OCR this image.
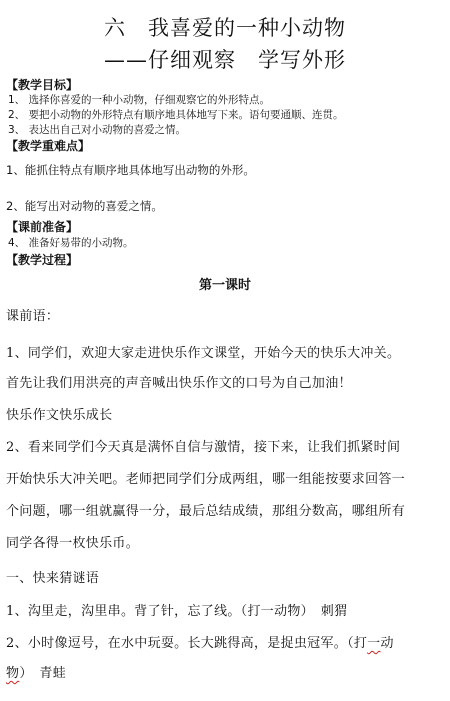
六　我喜爱的一种小动物
——仔细观察　学写外形
【教学目标】
1、 选择你喜爱的一种小动物，仔细观察它的外形特点。
2、 要把小动物的外形特点有顺序地具体地写下来。语句要通顺、连贯。
3、 表达出自己对小动物的喜爱之情。
【教学重难点】
1、能抓住特点有顺序地具体地写出动物的外形。
2、能写出对动物的喜爱之情。
【课前准备】
4、 准备好易带的小动物。
【教学过程】
第一课时
课前语：
1、同学们，欢迎大家走进快乐作文课堂，开始今天的快乐大冲关。
首先让我们用洪亮的声音喊出快乐作文的口号为自己加油！
快乐作文快乐成长
2、看来同学们今天真是满怀自信与激情，接下来，让我们抓紧时间
开始快乐大冲关吧。老师把同学们分成两组，哪一组能按要求回答一
个问题，哪一组就赢得一分，最后总结成绩，那组分数高，哪组所有
同学各得一枚快乐币。
一、快来猜谜语
1、沟里走，沟里串。背了针，忘了线。（打一动物）　刺猬
2、小时像逗号，在水中玩耍。长大跳得高，是捉虫冠军。（打一动
物）　青蛙
